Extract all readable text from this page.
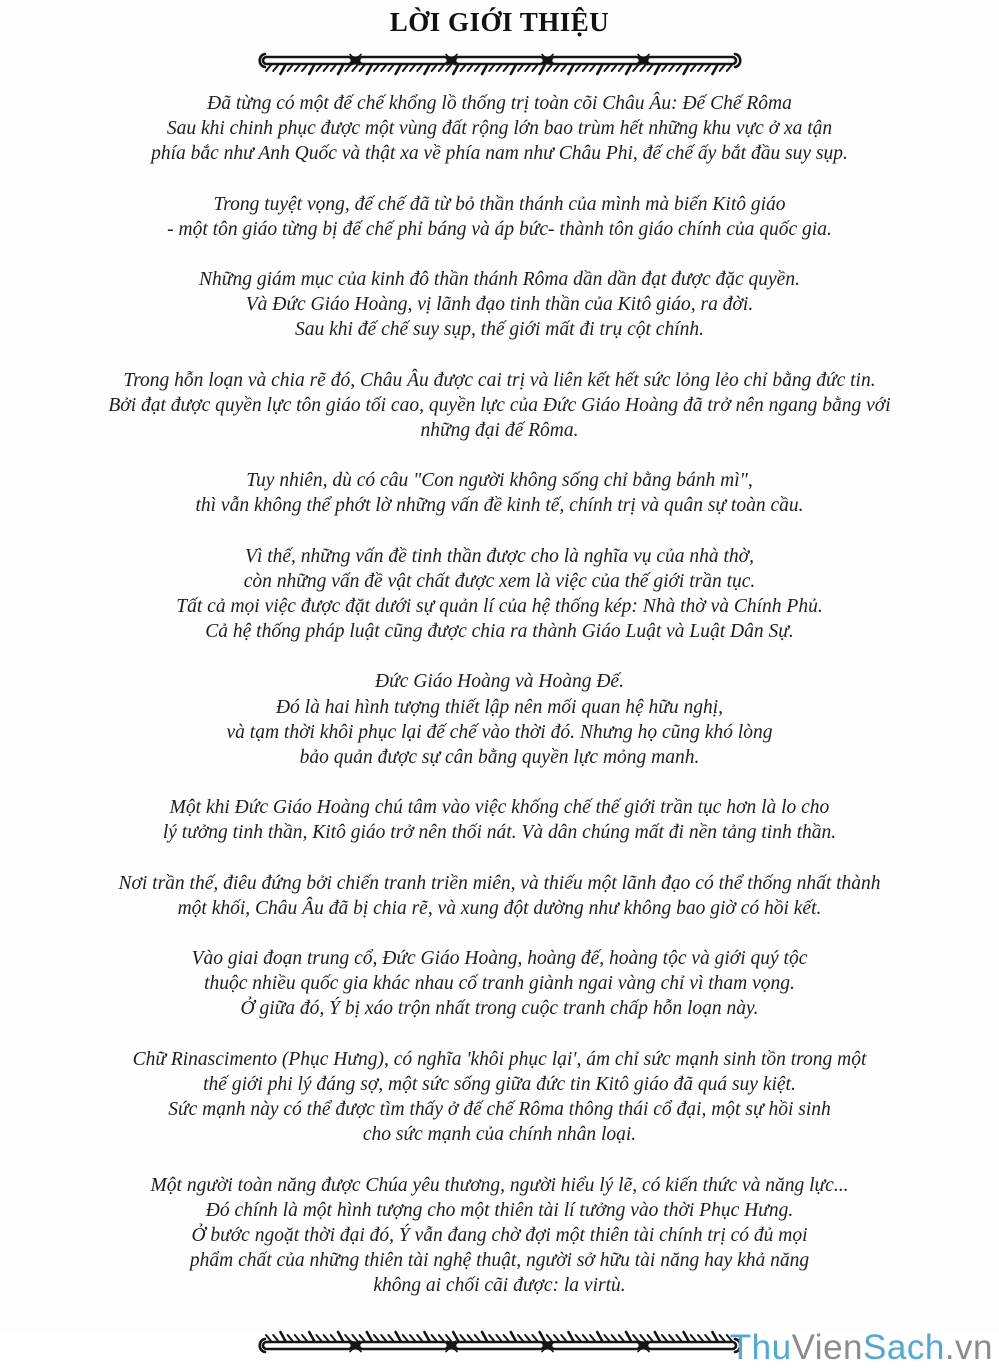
LỜI GIỚI THIỆU
Đã từng có một đế chế khổng lồ thống trị toàn cõi Châu Âu: Đế Chế Rôma
Sau khi chinh phục được một vùng đất rộng lớn bao trùm hết những khu vực ở xa tận
phía bắc như Anh Quốc và thật xa về phía nam như Châu Phi, đế chế ấy bắt đầu suy sụp.
Trong tuyệt vọng, đế chế đã từ bỏ thần thánh của mình mà biến Kitô giáo
- một tôn giáo từng bị đế chế phỉ báng và áp bức- thành tôn giáo chính của quốc gia.
Những giám mục của kinh đô thần thánh Rôma dần dần đạt được đặc quyền.
Và Đức Giáo Hoàng, vị lãnh đạo tinh thần của Kitô giáo, ra đời.
Sau khi đế chế suy sụp, thế giới mất đi trụ cột chính.
Trong hỗn loạn và chia rẽ đó, Châu Âu được cai trị và liên kết hết sức lỏng lẻo chỉ bằng đức tin.
Bởi đạt được quyền lực tôn giáo tối cao, quyền lực của Đức Giáo Hoàng đã trở nên ngang bằng với
những đại đế Rôma.
Tuy nhiên, dù có câu "Con người không sống chỉ bằng bánh mì",
thì vẫn không thể phớt lờ những vấn đề kinh tế, chính trị và quân sự toàn cầu.
Vì thế, những vấn đề tinh thần được cho là nghĩa vụ của nhà thờ,
còn những vấn đề vật chất được xem là việc của thế giới trần tục.
Tất cả mọi việc được đặt dưới sự quản lí của hệ thống kép: Nhà thờ và Chính Phủ.
Cả hệ thống pháp luật cũng được chia ra thành Giáo Luật và Luật Dân Sự.
Đức Giáo Hoàng và Hoàng Đế.
Đó là hai hình tượng thiết lập nên mối quan hệ hữu nghị,
và tạm thời khôi phục lại đế chế vào thời đó. Nhưng họ cũng khó lòng
bảo quản được sự cân bằng quyền lực mỏng manh.
Một khi Đức Giáo Hoàng chú tâm vào việc khống chế thế giới trần tục hơn là lo cho
lý tưởng tinh thần, Kitô giáo trở nên thối nát. Và dân chúng mất đi nền tảng tinh thần.
Nơi trần thế, điêu đứng bởi chiến tranh triền miên, và thiếu một lãnh đạo có thể thống nhất thành
một khối, Châu Âu đã bị chia rẽ, và xung đột dường như không bao giờ có hồi kết.
Vào giai đoạn trung cổ, Đức Giáo Hoàng, hoàng đế, hoàng tộc và giới quý tộc
thuộc nhiều quốc gia khác nhau cố tranh giành ngai vàng chỉ vì tham vọng.
Ở giữa đó, Ý bị xáo trộn nhất trong cuộc tranh chấp hỗn loạn này.
Chữ Rinascimento (Phục Hưng), có nghĩa 'khôi phục lại', ám chỉ sức mạnh sinh tồn trong một
thế giới phi lý đáng sợ, một sức sống giữa đức tin Kitô giáo đã quá suy kiệt.
Sức mạnh này có thể được tìm thấy ở đế chế Rôma thông thái cổ đại, một sự hồi sinh
cho sức mạnh của chính nhân loại.
Một người toàn năng được Chúa yêu thương, người hiểu lý lẽ, có kiến thức và năng lực...
Đó chính là một hình tượng cho một thiên tài lí tưởng vào thời Phục Hưng.
Ở bước ngoặt thời đại đó, Ý vẫn đang chờ đợi một thiên tài chính trị có đủ mọi
phẩm chất của những thiên tài nghệ thuật, người sở hữu tài năng hay khả năng
không ai chối cãi được: la virtù.
ThuVienSach.vn
